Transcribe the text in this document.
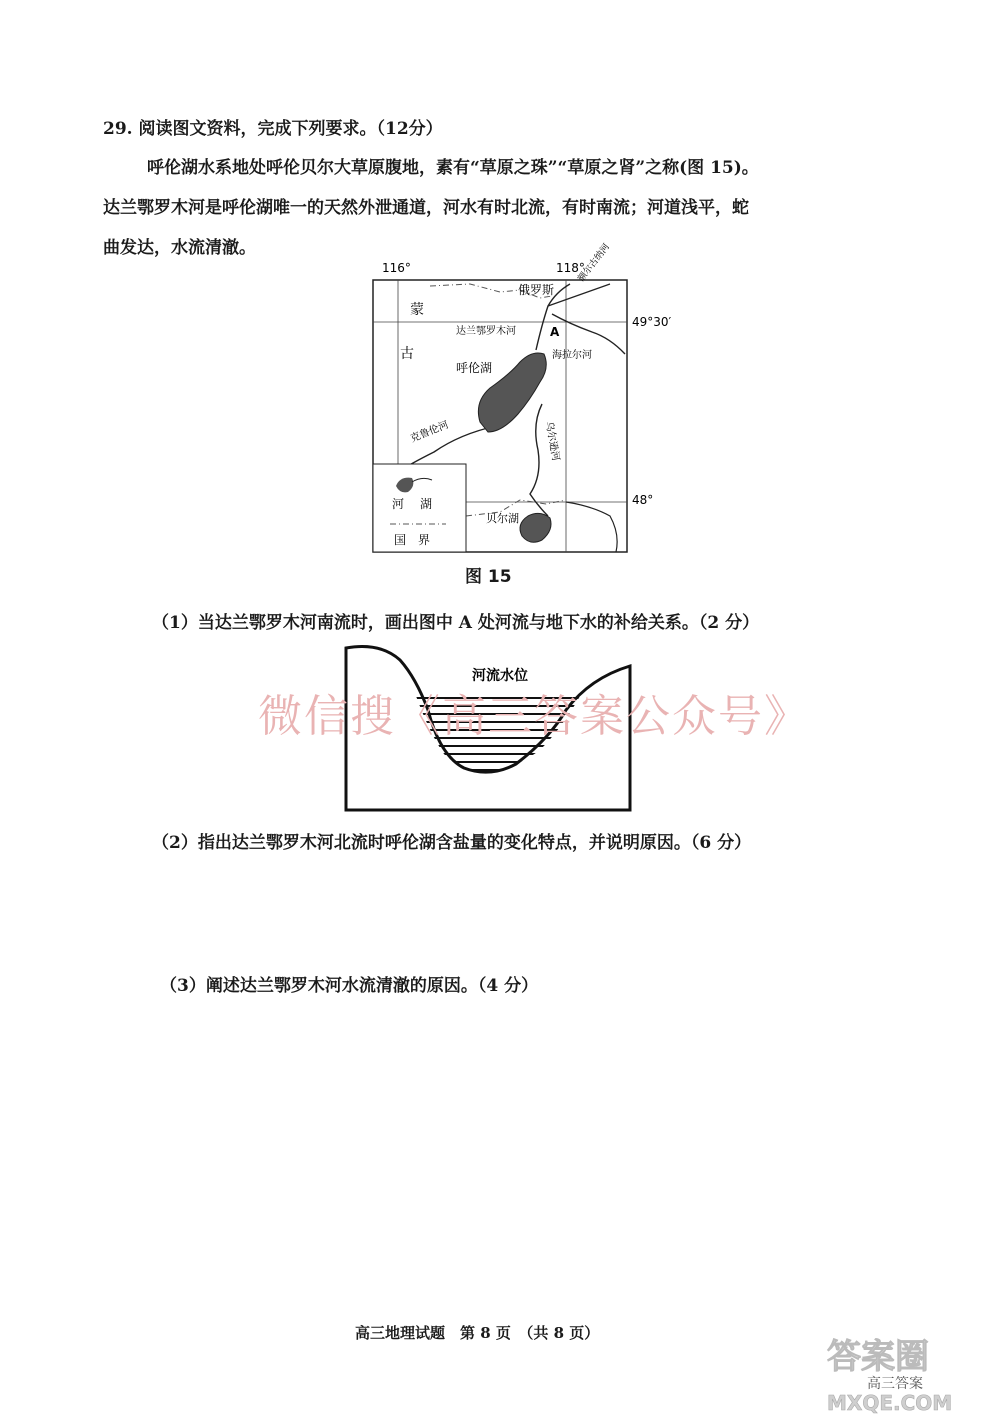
29. 阅读图文资料，完成下列要求。（12分）
呼伦湖水系地处呼伦贝尔大草原腹地，素有“草原之珠”“草原之肾”之称(图 15)。
达兰鄂罗木河是呼伦湖唯一的天然外泄通道，河水有时北流，有时南流；河道浅平，蛇
曲发达，水流清澈。
116°	118°
49°30′
48°
蒙
古
俄罗斯
额尔古纳河
达兰鄂罗木河	A
海拉尔河
呼伦湖
克鲁伦河	乌尔逊河
贝尔湖
河 湖
国　界
图 15
（1）当达兰鄂罗木河南流时，画出图中 A 处河流与地下水的补给关系。（2 分）
河流水位
微信搜《高三答案公众号》
（2）指出达兰鄂罗木河北流时呼伦湖含盐量的变化特点，并说明原因。（6 分）
（3）阐述达兰鄂罗木河水流清澈的原因。（4 分）
高三地理试题　第 8 页　（共 8 页）
答案圈
高三答案
MXQE.COM
